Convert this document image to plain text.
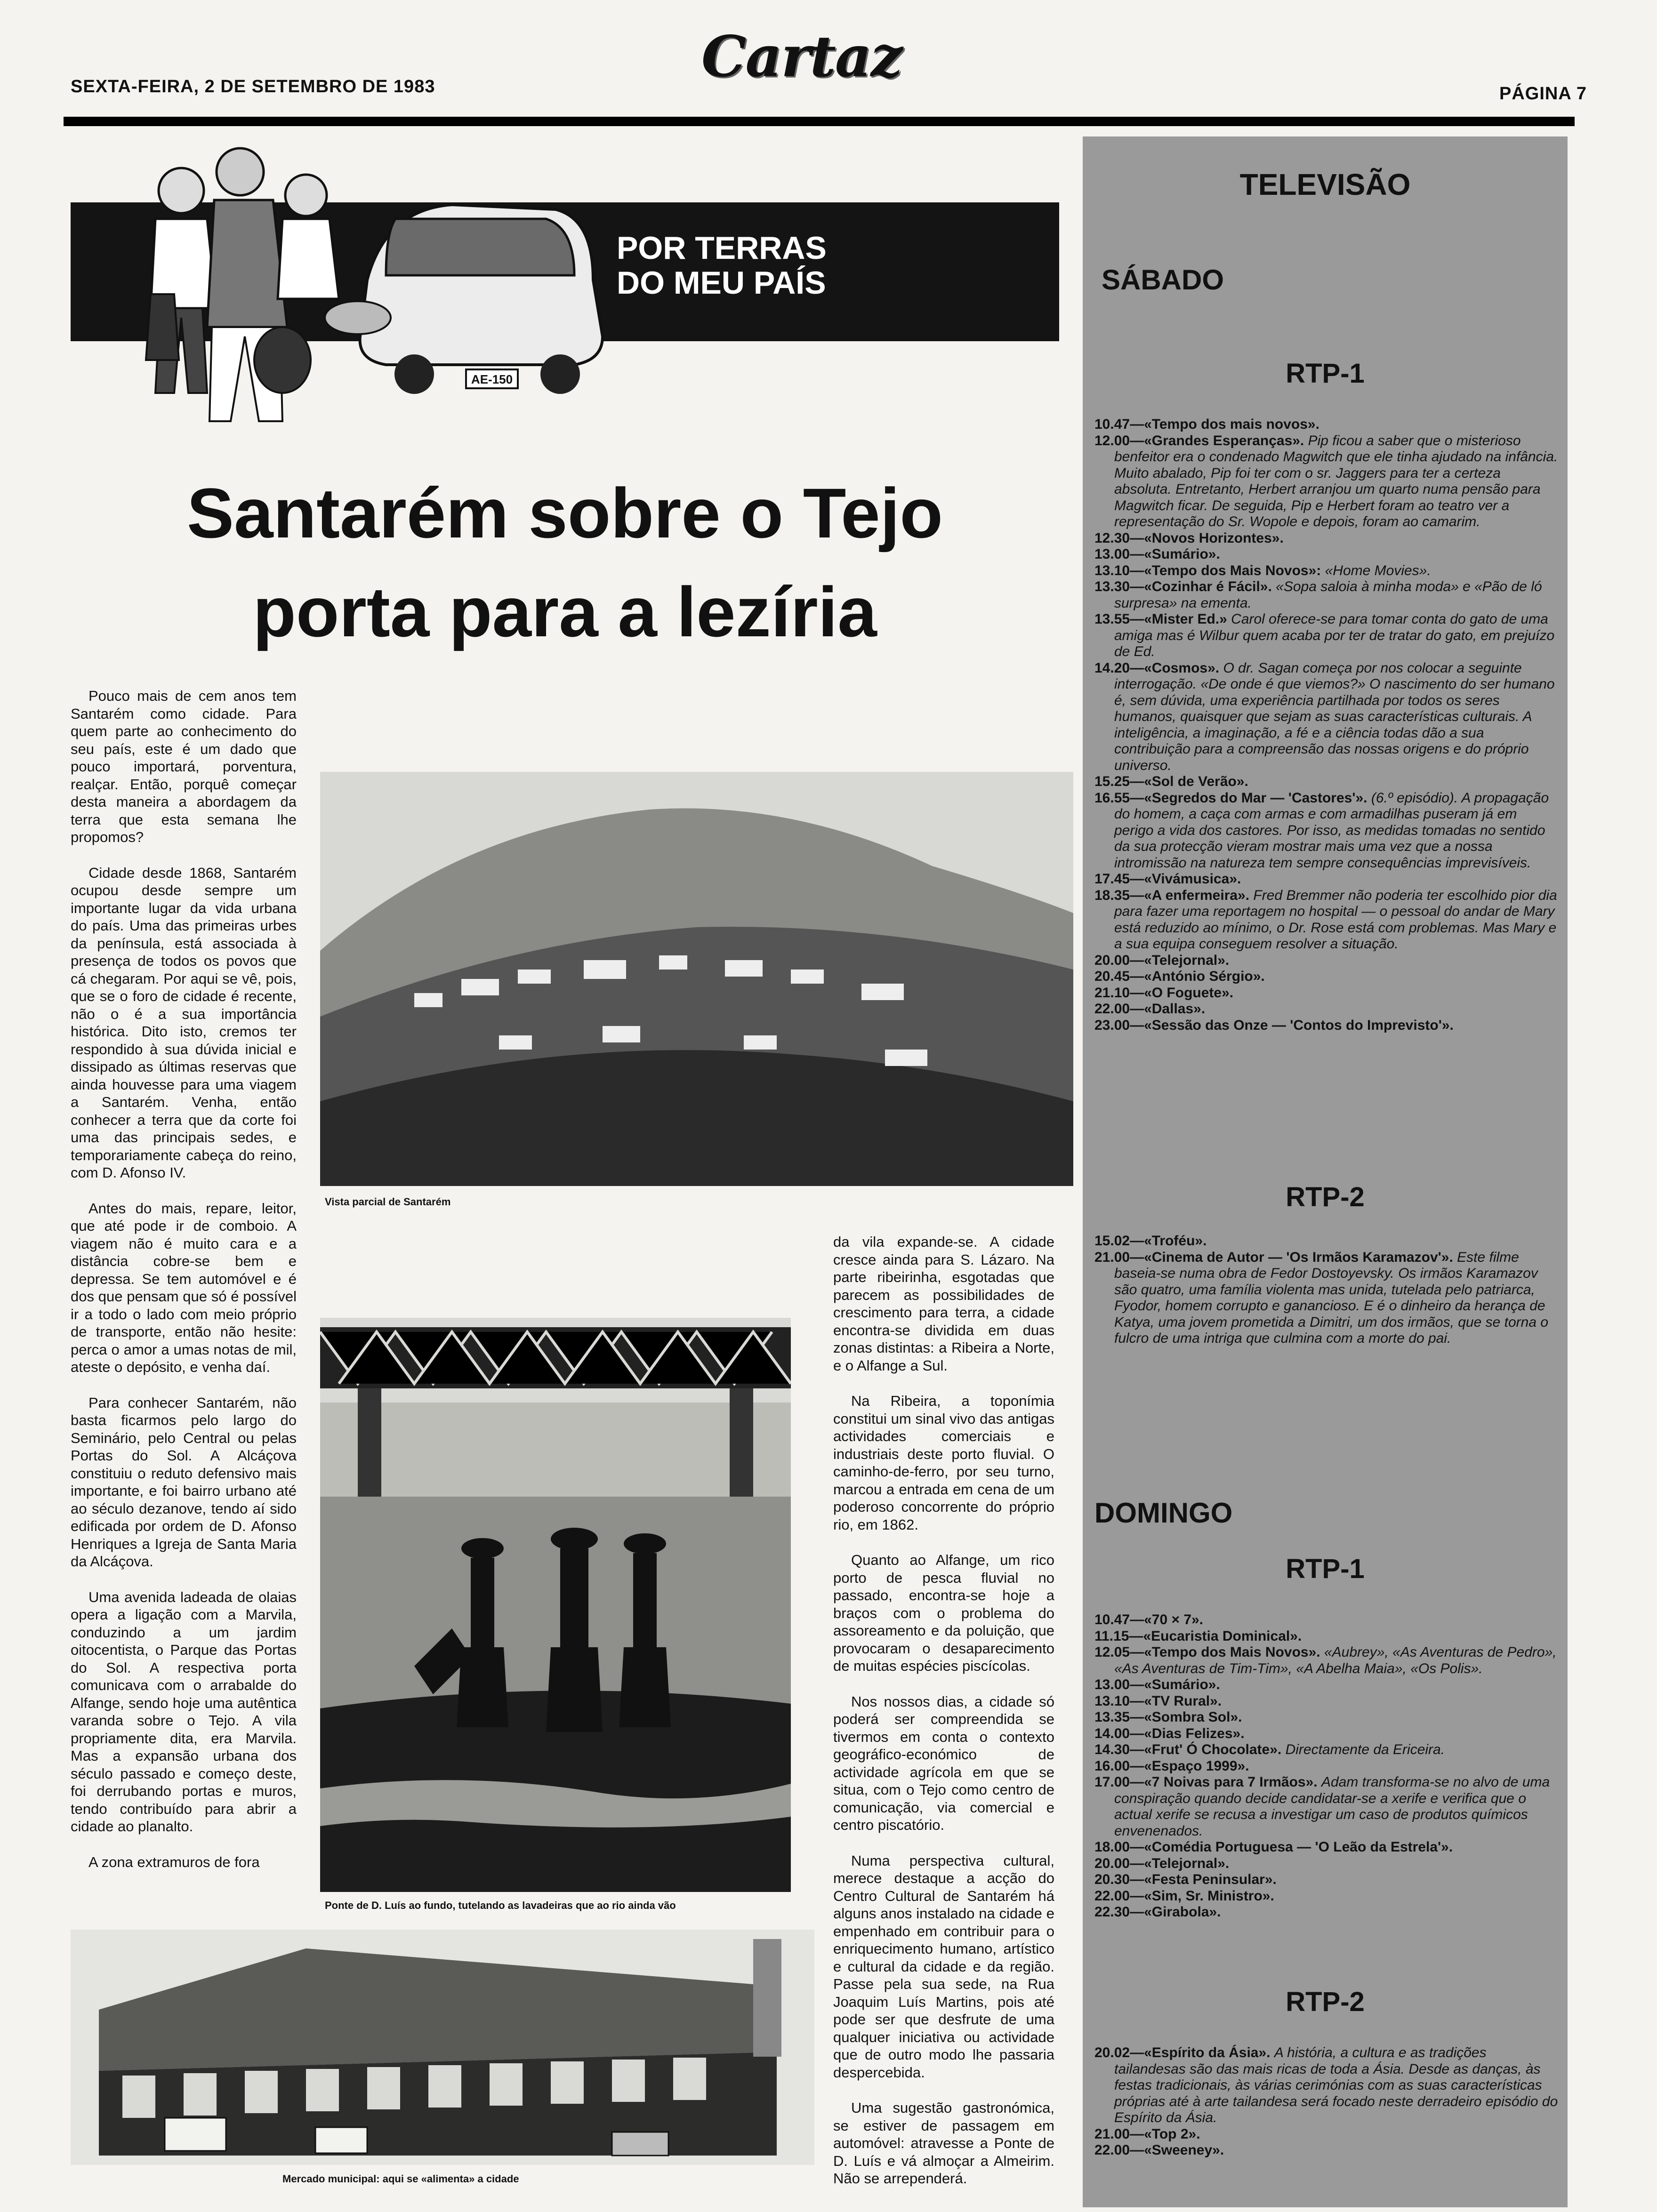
SEXTA-FEIRA, 2 DE SETEMBRO DE 1983	Cartaz
PÁGINA 7
POR TERRAS
DO MEU PAÍS
AE-150
Santarém sobre o Tejo
porta para a lezíria

Pouco mais de cem anos tem Santarém como cidade. Para quem parte ao conhecimento do seu país, este é um dado que pouco importará, porventura, realçar. Então, porquê começar desta maneira a abordagem da terra que esta semana lhe propomos?

Cidade desde 1868, Santarém ocupou desde sempre um importante lugar da vida urbana do país. Uma das primeiras urbes da península, está associada à presença de todos os povos que cá chegaram. Por aqui se vê, pois, que se o foro de cidade é recente, não o é a sua importância histórica. Dito isto, cremos ter respondido à sua dúvida inicial e dissipado as últimas reservas que ainda houvesse para uma viagem a Santarém. Venha, então conhecer a terra que da corte foi uma das principais sedes, e temporariamente cabeça do reino, com D. Afonso IV.

Antes do mais, repare, leitor, que até pode ir de comboio. A viagem não é muito cara e a distância cobre-se bem e depressa. Se tem automóvel e é dos que pensam que só é possível ir a todo o lado com meio próprio de transporte, então não hesite: perca o amor a umas notas de mil, ateste o depósito, e venha daí.

Para conhecer Santarém, não basta ficarmos pelo largo do Seminário, pelo Central ou pelas Portas do Sol. A Alcáçova constituiu o reduto defensivo mais importante, e foi bairro urbano até ao século dezanove, tendo aí sido edificada por ordem de D. Afonso Henriques a Igreja de Santa Maria da Alcáçova.

Uma avenida ladeada de olaias opera a ligação com a Marvila, conduzindo a um jardim oitocentista, o Parque das Portas do Sol. A respectiva porta comunicava com o arrabalde do Alfange, sendo hoje uma autêntica varanda sobre o Tejo. A vila propriamente dita, era Marvila. Mas a expansão urbana dos século passado e começo deste, foi derrubando portas e muros, tendo contribuído para abrir a cidade ao planalto.

A zona extramuros de fora

Vista parcial de Santarém
Ponte de D. Luís ao fundo, tutelando as lavadeiras que ao rio ainda vão
Mercado municipal: aqui se «alimenta» a cidade

da vila expande-se. A cidade cresce ainda para S. Lázaro. Na parte ribeirinha, esgotadas que parecem as possibilidades de crescimento para terra, a cidade encontra-se dividida em duas zonas distintas: a Ribeira a Norte, e o Alfange a Sul.

Na Ribeira, a toponímia constitui um sinal vivo das antigas actividades comerciais e industriais deste porto fluvial. O caminho-de-ferro, por seu turno, marcou a entrada em cena de um poderoso concorrente do próprio rio, em 1862.

Quanto ao Alfange, um rico porto de pesca fluvial no passado, encontra-se hoje a braços com o problema do assoreamento e da poluição, que provocaram o desaparecimento de muitas espécies piscícolas.

Nos nossos dias, a cidade só poderá ser compreendida se tivermos em conta o contexto geográfico-económico de actividade agrícola em que se situa, com o Tejo como centro de comunicação, via comercial e centro piscatório.

Numa perspectiva cultural, merece destaque a acção do Centro Cultural de Santarém há alguns anos instalado na cidade e empenhado em contribuir para o enriquecimento humano, artístico e cultural da cidade e da região. Passe pela sua sede, na Rua Joaquim Luís Martins, pois até pode ser que desfrute de uma qualquer iniciativa ou actividade que de outro modo lhe passaria despercebida.

Uma sugestão gastronómica, se estiver de passagem em automóvel: atravesse a Ponte de D. Luís e vá almoçar a Almeirim. Não se arrependerá.

TELEVISÃO
SÁBADO
RTP-1
10.47—«Tempo dos mais novos».
12.00—«Grandes Esperanças». Pip ficou a saber que o misterioso benfeitor era o condenado Magwitch que ele tinha ajudado na infância. Muito abalado, Pip foi ter com o sr. Jaggers para ter a certeza absoluta. Entretanto, Herbert arranjou um quarto numa pensão para Magwitch ficar. De seguida, Pip e Herbert foram ao teatro ver a representação do Sr. Wopole e depois, foram ao camarim.
12.30—«Novos Horizontes».
13.00—«Sumário».
13.10—«Tempo dos Mais Novos»: «Home Movies».
13.30—«Cozinhar é Fácil». «Sopa saloia à minha moda» e «Pão de ló surpresa» na ementa.
13.55—«Mister Ed.» Carol oferece-se para tomar conta do gato de uma amiga mas é Wilbur quem acaba por ter de tratar do gato, em prejuízo de Ed.
14.20—«Cosmos». O dr. Sagan começa por nos colocar a seguinte interrogação. «De onde é que viemos?» O nascimento do ser humano é, sem dúvida, uma experiência partilhada por todos os seres humanos, quaisquer que sejam as suas características culturais. A inteligência, a imaginação, a fé e a ciência todas dão a sua contribuição para a compreensão das nossas origens e do próprio universo.
15.25—«Sol de Verão».
16.55—«Segredos do Mar — 'Castores'». (6.º episódio). A propagação do homem, a caça com armas e com armadilhas puseram já em perigo a vida dos castores. Por isso, as medidas tomadas no sentido da sua protecção vieram mostrar mais uma vez que a nossa intromissão na natureza tem sempre consequências imprevisíveis.
17.45—«Vivámusica».
18.35—«A enfermeira». Fred Bremmer não poderia ter escolhido pior dia para fazer uma reportagem no hospital — o pessoal do andar de Mary está reduzido ao mínimo, o Dr. Rose está com problemas. Mas Mary e a sua equipa conseguem resolver a situação.
20.00—«Telejornal».
20.45—«António Sérgio».
21.10—«O Foguete».
22.00—«Dallas».
23.00—«Sessão das Onze — 'Contos do Imprevisto'».
RTP-2
15.02—«Troféu».
21.00—«Cinema de Autor — 'Os Irmãos Karamazov'». Este filme baseia-se numa obra de Fedor Dostoyevsky. Os irmãos Karamazov são quatro, uma família violenta mas unida, tutelada pelo patriarca, Fyodor, homem corrupto e ganancioso. E é o dinheiro da herança de Katya, uma jovem prometida a Dimitri, um dos irmãos, que se torna o fulcro de uma intriga que culmina com a morte do pai.
DOMINGO
RTP-1
10.47—«70 × 7».
11.15—«Eucaristia Dominical».
12.05—«Tempo dos Mais Novos». «Aubrey», «As Aventuras de Pedro», «As Aventuras de Tim-Tim», «A Abelha Maia», «Os Polis».
13.00—«Sumário».
13.10—«TV Rural».
13.35—«Sombra Sol».
14.00—«Dias Felizes».
14.30—«Frut' Ó Chocolate». Directamente da Ericeira.
16.00—«Espaço 1999».
17.00—«7 Noivas para 7 Irmãos». Adam transforma-se no alvo de uma conspiração quando decide candidatar-se a xerife e verifica que o actual xerife se recusa a investigar um caso de produtos químicos envenenados.
18.00—«Comédia Portuguesa — 'O Leão da Estrela'».
20.00—«Telejornal».
20.30—«Festa Peninsular».
22.00—«Sim, Sr. Ministro».
22.30—«Girabola».
RTP-2
20.02—«Espírito da Ásia». A história, a cultura e as tradições tailandesas são das mais ricas de toda a Ásia. Desde as danças, às festas tradicionais, às várias cerimónias com as suas características próprias até à arte tailandesa será focado neste derradeiro episódio do Espírito da Ásia.
21.00—«Top 2».
22.00—«Sweeney».
